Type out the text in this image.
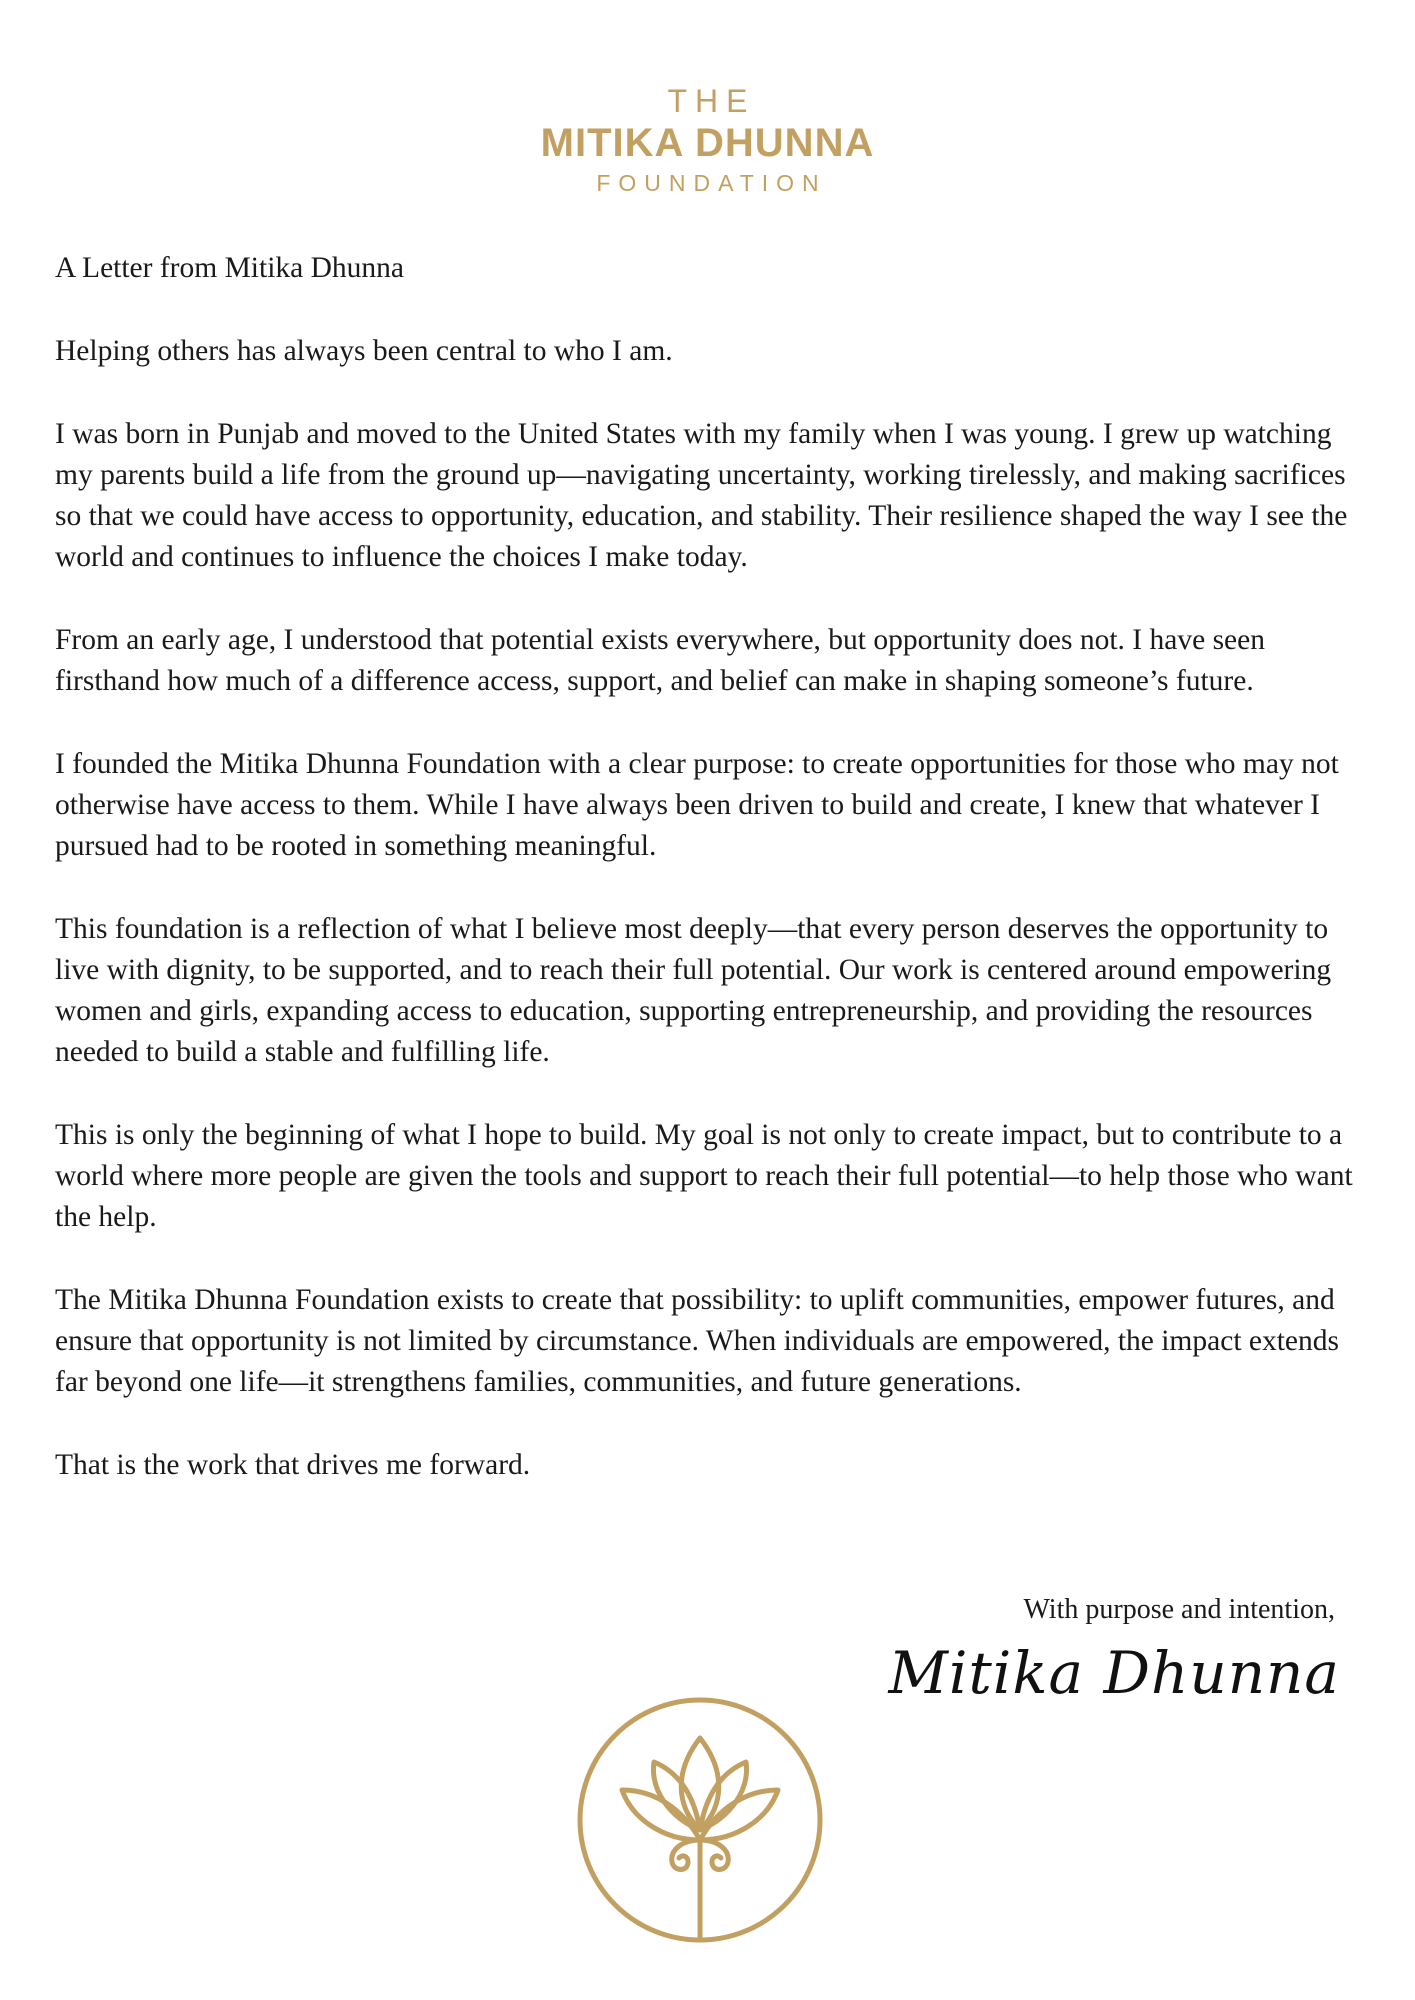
THE
MITIKA DHUNNA
FOUNDATION

A Letter from Mitika Dhunna

Helping others has always been central to who I am.

I was born in Punjab and moved to the United States with my family when I was young. I grew up watching my parents build a life from the ground up—navigating uncertainty, working tirelessly, and making sacrifices so that we could have access to opportunity, education, and stability. Their resilience shaped the way I see the world and continues to influence the choices I make today.

From an early age, I understood that potential exists everywhere, but opportunity does not. I have seen firsthand how much of a difference access, support, and belief can make in shaping someone’s future.

I founded the Mitika Dhunna Foundation with a clear purpose: to create opportunities for those who may not otherwise have access to them. While I have always been driven to build and create, I knew that whatever I pursued had to be rooted in something meaningful.

This foundation is a reflection of what I believe most deeply—that every person deserves the opportunity to live with dignity, to be supported, and to reach their full potential. Our work is centered around empowering women and girls, expanding access to education, supporting entrepreneurship, and providing the resources needed to build a stable and fulfilling life.

This is only the beginning of what I hope to build. My goal is not only to create impact, but to contribute to a world where more people are given the tools and support to reach their full potential—to help those who want the help.

The Mitika Dhunna Foundation exists to create that possibility: to uplift communities, empower futures, and ensure that opportunity is not limited by circumstance. When individuals are empowered, the impact extends far beyond one life—it strengthens families, communities, and future generations.

That is the work that drives me forward.

With purpose and intention,
Mitika Dhunna
